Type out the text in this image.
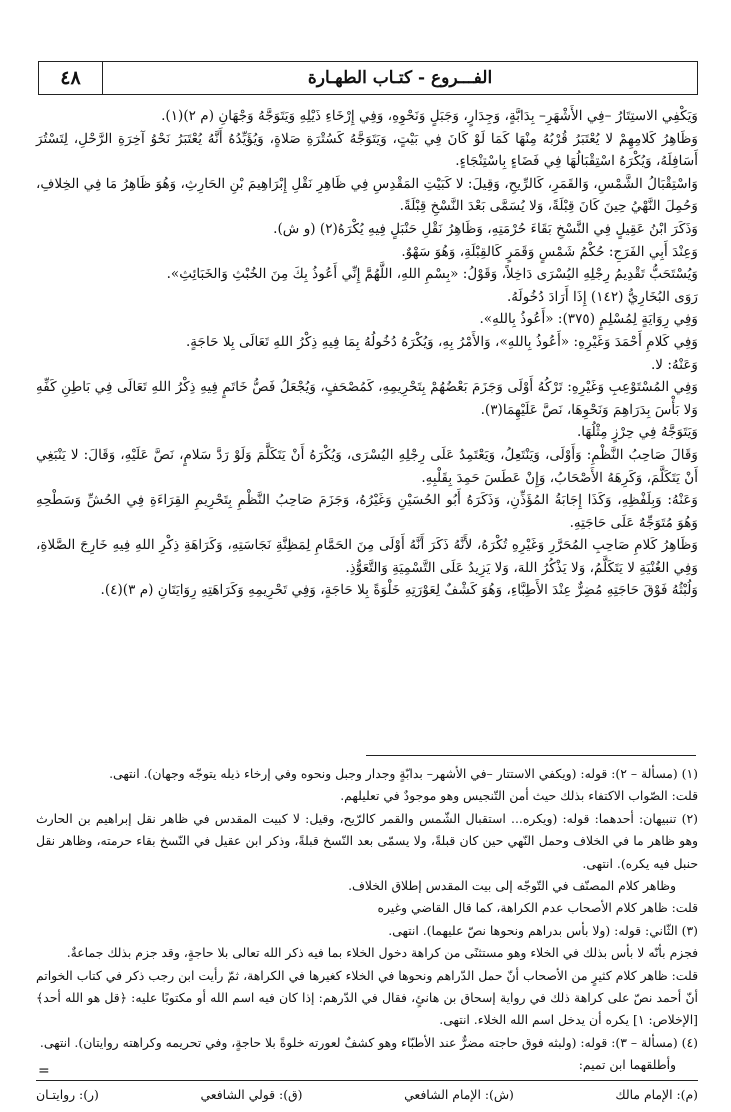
الفـــروع - كتـاب الطهـارة
٤٨

وَيَكْفِي الاستِتَارُ –فِي الأَشْهَرِ– بِدَابَّةٍ، وَجِدَارٍ، وَجَبَلٍ وَنَحْوِهِ، وَفِي إِرْخَاءِ ذَيْلِهِ وَيَتَوَجَّهُ وَجْهَانِ (م ٢)(١).

وَظَاهِرُ كَلامِهِمْ لا يُعْتَبَرُ قُرْبُهُ مِنْهَا كَمَا لَوْ كَانَ فِي بَيْتٍ، وَيَتَوَجَّهُ كَسُتْرَةِ صَلاةٍ، وَيُؤَيِّدُهُ أَنَّهُ يُعْتَبَرُ نَحْوُ آخِرَةِ الرَّحْلِ، لِتَسْتُرَ أَسَافِلَهُ، وَيُكْرَهُ اسْتِقْبَالُهَا فِي فَضَاءٍ بِاسْتِنْجَاءٍ.

وَاسْتِقْبَالُ الشَّمْسِ، وَالقَمَرِ، كَالرِّيحِ، وَقِيلَ: لا كَبَيْتِ المَقْدِسِ فِي ظَاهِرِ نَقْلِ إِبْرَاهِيمَ بْنِ الحَارِثِ، وَهُوَ ظَاهِرُ مَا فِي الخِلافِ، وَحُمِلَ النَّهْيُ حِينَ كَانَ قِبْلَةً، وَلا يُسَمَّى بَعْدَ النَّسْخِ قِبْلَةً.

وَذَكَرَ ابْنُ عَقِيلٍ فِي النَّسْخِ بَقَاءَ حُرْمَتِهِ، وَظَاهِرُ نَقْلِ حَنْبَلٍ فِيهِ يُكْرَهُ(٢) (و ش).

وَعِنْدَ أَبِي الفَرَجِ: حُكْمُ شَمْسٍ وَقَمَرٍ كَالقِبْلَةِ، وَهُوَ سَهْوٌ.

وَيُسْتَحَبُّ تَقْدِيمُ رِجْلِهِ اليُسْرَى دَاخِلاً، وَقَوْلُ: «بِسْمِ اللهِ، اللَّهُمَّ إِنِّي أَعُوذُ بِكَ مِنَ الخُبْثِ وَالخَبَائِثِ».

رَوَى البُخَارِيُّ (١٤٢) إِذَا أَرَادَ دُخُولَهُ.

وَفِي رِوَايَةٍ لِمُسْلِمٍ (٣٧٥): «أَعُوذُ بِاللهِ».

وَفِي كَلامِ أَحْمَدَ وَغَيْرِهِ: «أَعُوذُ بِاللهِ»، وَالأَمْرُ بِهِ، وَيُكْرَهُ دُخُولُهُ بِمَا فِيهِ ذِكْرُ اللهِ تَعَالَى بِلا حَاجَةٍ.

وَعَنْهُ: لا.

وَفِي المُسْتَوْعِبِ وَغَيْرِهِ: تَرْكُهُ أَوْلَى وَجَزَمَ بَعْضُهُمْ بِتَحْرِيمِهِ، كَمُصْحَفٍ، وَيُجْعَلُ فَصُّ خَاتَمٍ فِيهِ ذِكْرُ اللهِ تَعَالَى فِي بَاطِنِ كَفِّهِ وَلا بَأْسَ بِدَرَاهِمَ وَنَحْوِهَا، نَصَّ عَلَيْهِمَا(٣).

وَيَتَوَجَّهُ فِي حِرْزٍ مِثْلُهَا.

وَقَالَ صَاحِبُ النَّظْمِ: وَأَوْلَى، وَيَنْتَعِلُ، وَيَعْتَمِدُ عَلَى رِجْلِهِ اليُسْرَى، وَيُكْرَهُ أَنْ يَتَكَلَّمَ وَلَوْ رَدَّ سَلامٍ، نَصَّ عَلَيْهِ، وَقَالَ: لا يَنْبَغِي أَنْ يَتَكَلَّمَ، وَكَرِهَهُ الأَصْحَابُ، وَإِنْ عَطَسَ حَمِدَ بِقَلْبِهِ.

وَعَنْهُ: وَبِلَفْظِهِ، وَكَذَا إِجَابَةُ المُؤَذِّنِ، وَذَكَرَهُ أَبُو الحُسَيْنِ وَغَيْرُهُ، وَجَزَمَ صَاحِبُ النَّظْمِ بِتَحْرِيمِ القِرَاءَةِ فِي الحُشِّ وَسَطْحِهِ وَهُوَ مُتَوَجِّهٌ عَلَى حَاجَتِهِ.

وَظَاهِرُ كَلامِ صَاحِبِ المُحَرَّرِ وَغَيْرِهِ تُكْرَهُ، لأَنَّهُ ذَكَرَ أَنَّهُ أَوْلَى مِنَ الحَمَّامِ لِمَظِنَّةِ نَجَاسَتِهِ، وَكَرَاهَةِ ذِكْرِ اللهِ فِيهِ خَارِجَ الصَّلاةِ، وَفِي الغُنْيَةِ لا يَتَكَلَّمُ، وَلا يَذْكُرُ اللهَ، وَلا يَزِيدُ عَلَى التَّسْمِيَةِ وَالتَّعَوُّذِ.

وَلُبْثُهُ فَوْقَ حَاجَتِهِ مُضِرٌّ عِنْدَ الأَطِبَّاءِ، وَهُوَ كَشْفٌ لِعَوْرَتِهِ خَلْوَةً بِلا حَاجَةٍ، وَفِي تَحْرِيمِهِ وَكَرَاهَتِهِ رِوَايَتَانِ (م ٣)(٤).

(١) (مسألة – ٢): قوله: (ويكفي الاستتار –في الأشهر– بدابّةٍ وجدار وجبل ونحوه وفي إرخاء ذيله يتوجّه وجهان). انتهى.

قلت: الصّواب الاكتفاء بذلك حيث أمن التّنجيس وهو موجودٌ في تعليلهم.

(٢) تنبيهان: أحدهما: قوله: (ويكره... استقبال الشّمس والقمر كالرّيح، وقيل: لا كبيت المقدس في ظاهر نقل إبراهيم بن الحارث وهو ظاهر ما في الخلاف وحمل النّهي حين كان قبلةً، ولا يسمّى بعد النّسخ قبلةً، وذكر ابن عقيل في النّسخ بقاء حرمته، وظاهر نقل حنبل فيه يكره). انتهى.

وظاهر كلام المصنّف في التّوجّه إلى بيت المقدس إطلاق الخلاف.

قلت: ظاهر كلام الأصحاب عدم الكراهة، كما قال القاضي وغيره

(٣) الثّاني: قوله: (ولا بأس بدراهم ونحوها نصّ عليهما). انتهى.

فجزم بأنّه لا بأس بذلك في الخلاء وهو مستثنًى من كراهة دخول الخلاء بما فيه ذكر الله تعالى بلا حاجةٍ، وقد جزم بذلك جماعةٌ.

قلت: ظاهر كلام كثيرٍ من الأصحاب أنّ حمل الدّراهم ونحوها في الخلاء كغيرها في الكراهة، ثمّ رأيت ابن رجب ذكر في كتاب الخواتم أنّ أحمد نصّ على كراهة ذلك في رواية إسحاق بن هانئٍ، فقال في الدّرهم: إذا كان فيه اسم الله أو مكتوبًا عليه: ﴿قل هو الله أحد﴾ [الإخلاص: ١] يكره أن يدخل اسم الله الخلاء. انتهى.

(٤) (مسألة – ٣): قوله: (ولبثه فوق حاجته مضرٌّ عند الأطبّاء وهو كشفٌ لعورته خلوةً بلا حاجةٍ، وفي تحريمه وكراهته روايتان). انتهى.

وأطلقهما ابن تميم:

=
(م): الإمام مالك
(ش): الإمام الشافعي
(ق): قولي الشافعي
(ر): روايتـان
